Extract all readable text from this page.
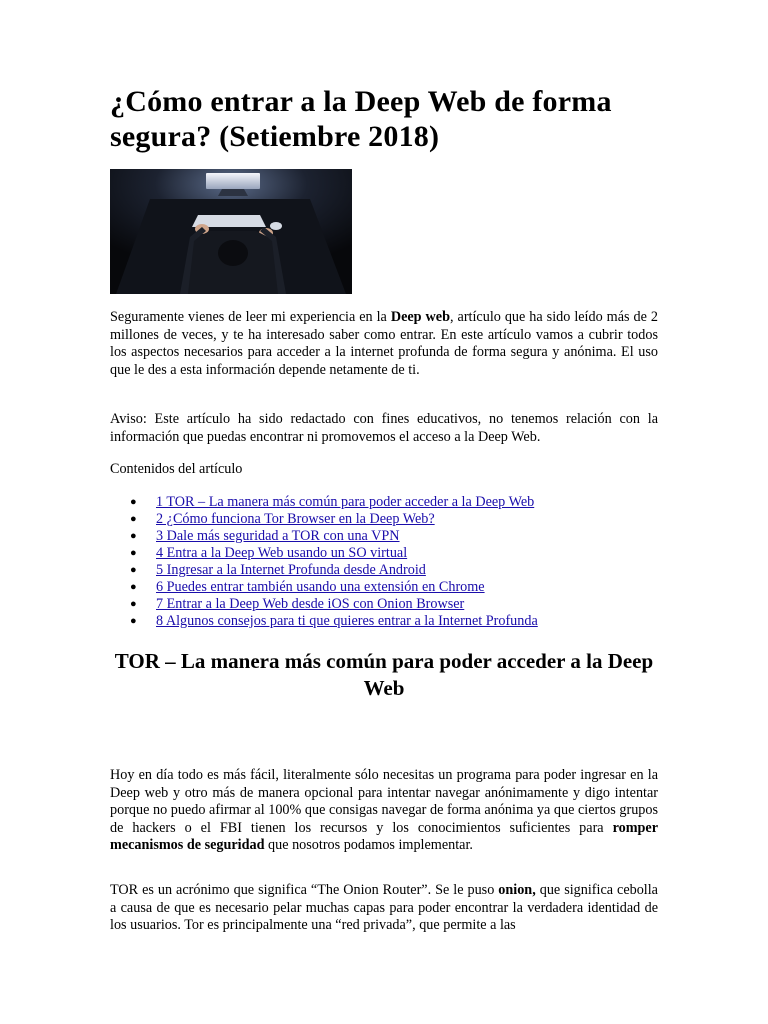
¿Cómo entrar a la Deep Web de forma segura? (Setiembre 2018)

Seguramente vienes de leer mi experiencia en la Deep web, artículo que ha sido leído más de 2 millones de veces, y te ha interesado saber como entrar. En este artículo vamos a cubrir todos los aspectos necesarios para acceder a la internet profunda de forma segura y anónima. El uso que le des a esta información depende netamente de ti.

Aviso: Este artículo ha sido redactado con fines educativos, no tenemos relación con la información que puedas encontrar ni promovemos el acceso a la Deep Web.

Contenidos del artículo

● 1 TOR – La manera más común para poder acceder a la Deep Web
● 2 ¿Cómo funciona Tor Browser en la Deep Web?
● 3 Dale más seguridad a TOR con una VPN
● 4 Entra a la Deep Web usando un SO virtual
● 5 Ingresar a la Internet Profunda desde Android
● 6 Puedes entrar también usando una extensión en Chrome
● 7 Entrar a la Deep Web desde iOS con Onion Browser
● 8 Algunos consejos para ti que quieres entrar a la Internet Profunda
TOR – La manera más común para poder acceder a la Deep Web

Hoy en día todo es más fácil, literalmente sólo necesitas un programa para poder ingresar en la Deep web y otro más de manera opcional para intentar navegar anónimamente y digo intentar porque no puedo afirmar al 100% que consigas navegar de forma anónima ya que ciertos grupos de hackers o el FBI tienen los recursos y los conocimientos suficientes para romper mecanismos de seguridad que nosotros podamos implementar.

TOR es un acrónimo que significa “The Onion Router”. Se le puso onion, que significa cebolla a causa de que es necesario pelar muchas capas para poder encontrar la verdadera identidad de los usuarios. Tor es principalmente una “red privada”, que permite a las
